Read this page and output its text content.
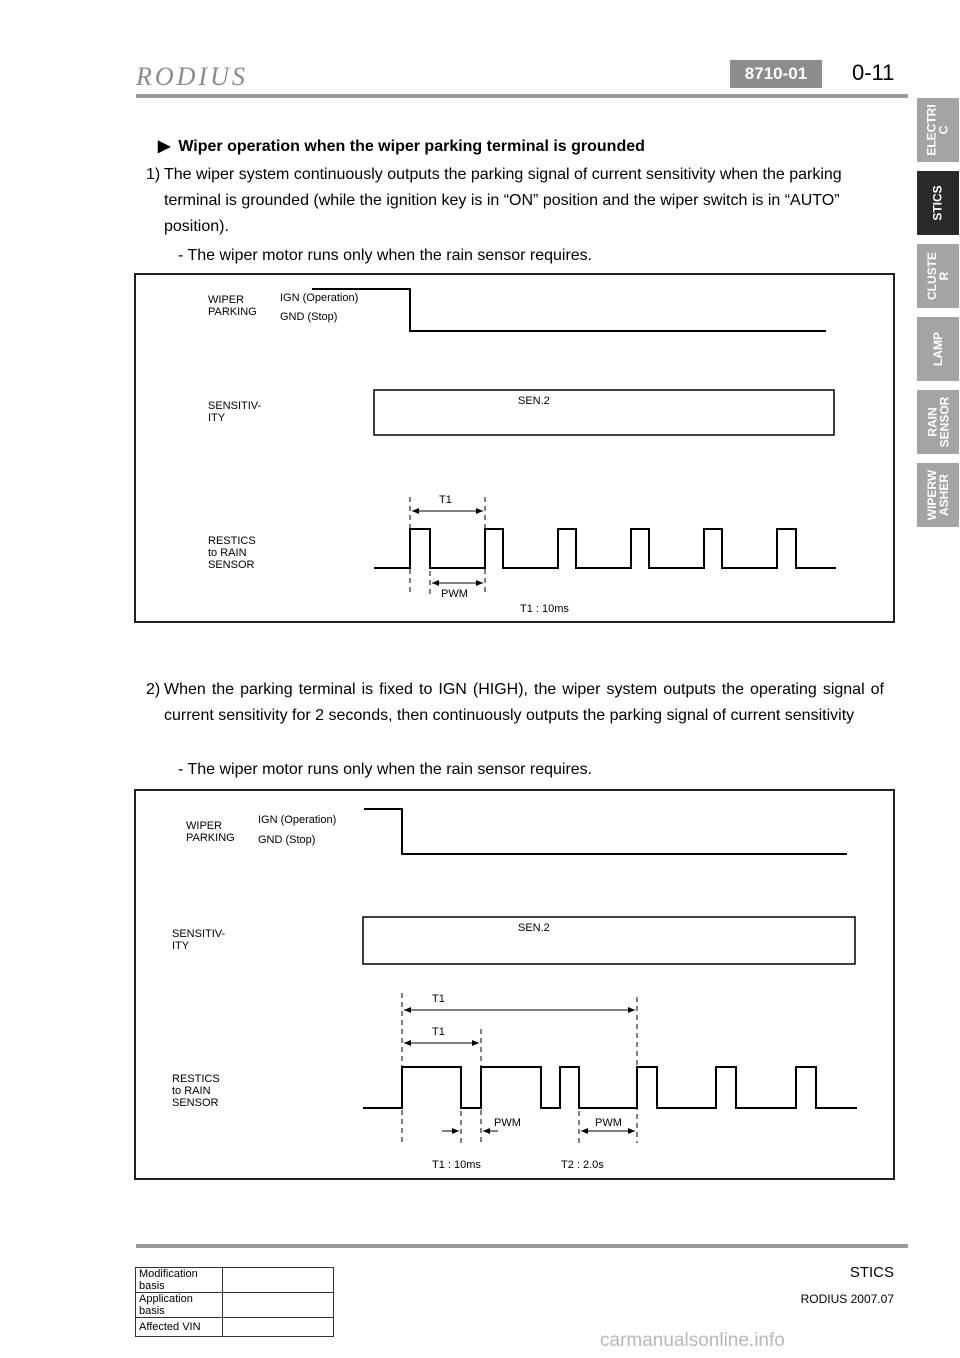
RODIUS	8710-01	0-11
ELECTRI
C
STICS
CLUSTE
R
LAMP
RAIN
SENSOR
WIPERW
ASHER
▶ Wiper operation when the wiper parking terminal is grounded
1) The wiper system continuously outputs the parking signal of current sensitivity when the parking terminal is grounded (while the ignition key is in “ON” position and the wiper switch is in “AUTO” position).
- The wiper motor runs only when the rain sensor requires.
WIPER
PARKING
IGN (Operation)
GND (Stop)
SENSITIV-
ITY
SEN.2
RESTICS
to RAIN
SENSOR
T1
PWM
T1 : 10ms
2) When the parking terminal is fixed to IGN (HIGH), the wiper system outputs the operating signal of current sensitivity for 2 seconds, then continuously outputs the parking signal of current sensitivity
- The wiper motor runs only when the rain sensor requires.
WIPER
PARKING
IGN (Operation)
GND (Stop)
SENSITIV-
ITY
SEN.2
RESTICS
to RAIN
SENSOR
T1
T1
PWM	PWM
T1 : 10ms	T2 : 2.0s
STICS
RODIUS 2007.07
Modification basis	
Application basis	
Affected VIN	
carmanualsonline.info
